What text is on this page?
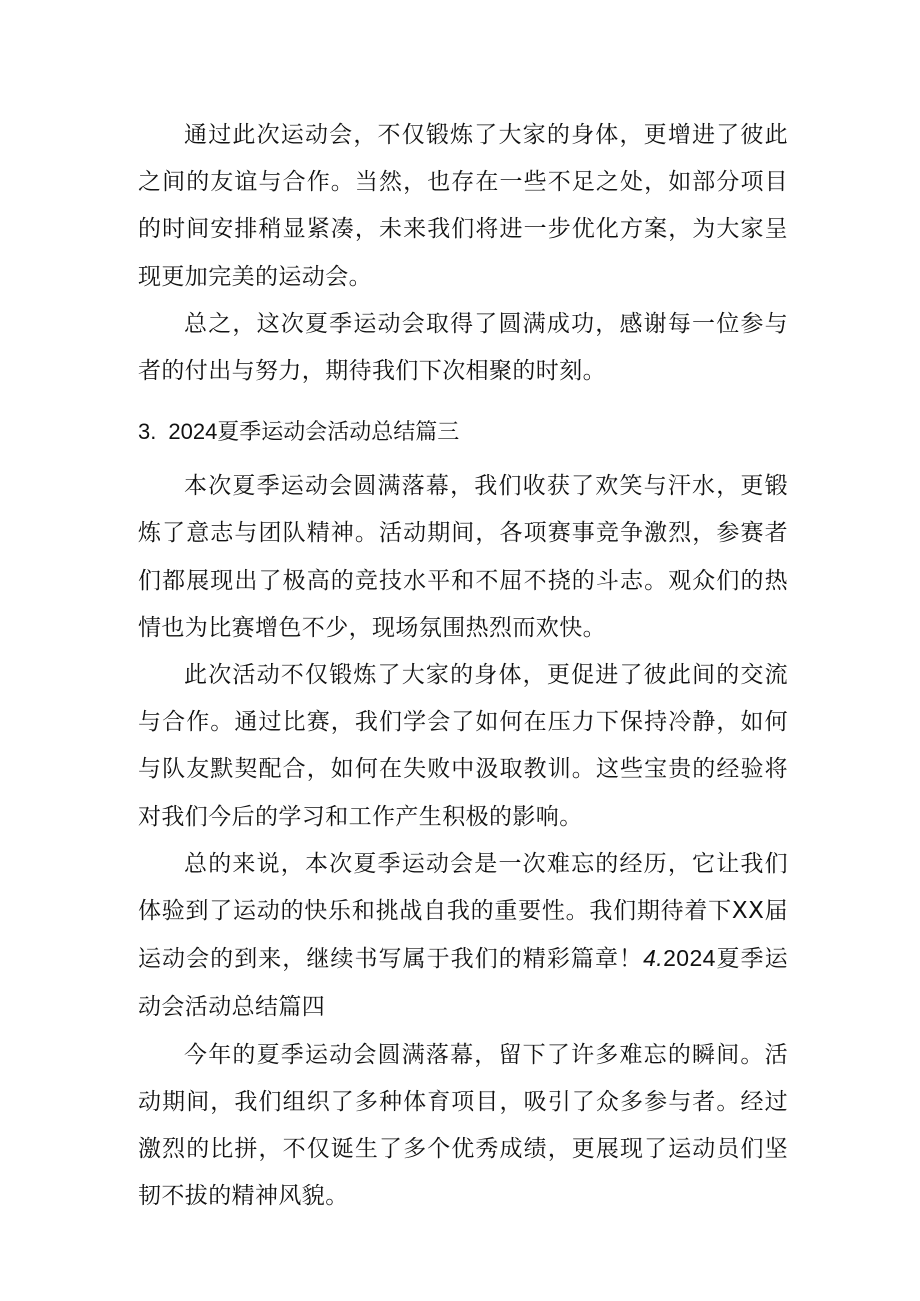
通过此次运动会，不仅锻炼了大家的身体，更增进了彼此之间的友谊与合作。当然，也存在一些不足之处，如部分项目的时间安排稍显紧凑，未来我们将进一步优化方案，为大家呈现更加完美的运动会。

总之，这次夏季运动会取得了圆满成功，感谢每一位参与者的付出与努力，期待我们下次相聚的时刻。

3. 2024夏季运动会活动总结篇三

本次夏季运动会圆满落幕，我们收获了欢笑与汗水，更锻炼了意志与团队精神。活动期间，各项赛事竞争激烈，参赛者们都展现出了极高的竞技水平和不屈不挠的斗志。观众们的热情也为比赛增色不少，现场氛围热烈而欢快。

此次活动不仅锻炼了大家的身体，更促进了彼此间的交流与合作。通过比赛，我们学会了如何在压力下保持冷静，如何与队友默契配合，如何在失败中汲取教训。这些宝贵的经验将对我们今后的学习和工作产生积极的影响。

总的来说，本次夏季运动会是一次难忘的经历，它让我们体验到了运动的快乐和挑战自我的重要性。我们期待着下XX届运动会的到来，继续书写属于我们的精彩篇章！4.2024夏季运动会活动总结篇四

今年的夏季运动会圆满落幕，留下了许多难忘的瞬间。活动期间，我们组织了多种体育项目，吸引了众多参与者。经过激烈的比拼，不仅诞生了多个优秀成绩，更展现了运动员们坚韧不拔的精神风貌。
